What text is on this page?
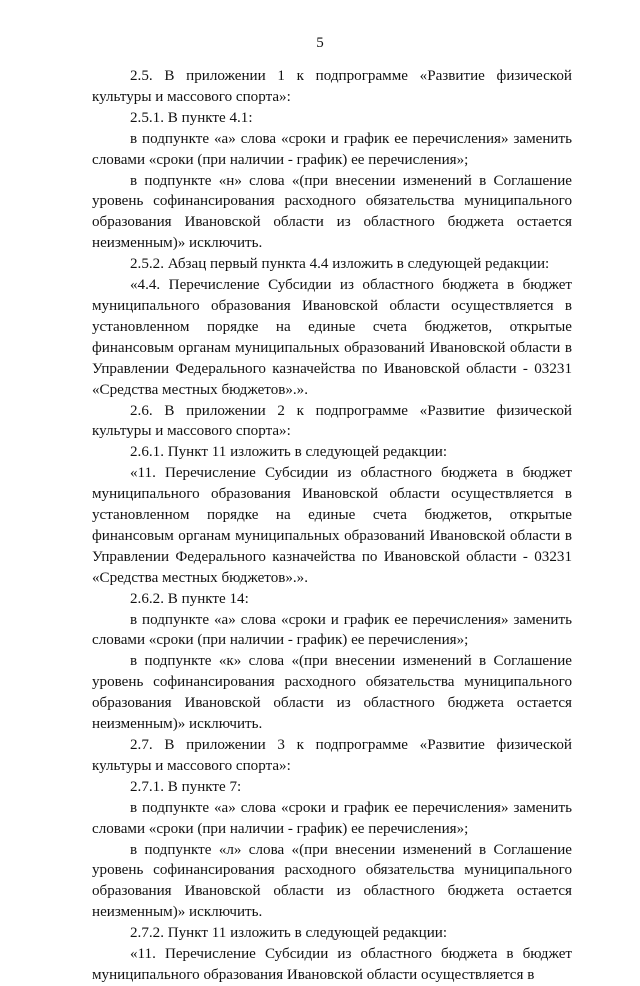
5

2.5. В приложении 1 к подпрограмме «Развитие физической культуры и массового спорта»:

2.5.1. В пункте 4.1:

в подпункте «а» слова «сроки и график ее перечисления» заменить словами «сроки (при наличии - график) ее перечисления»;

в подпункте «н» слова «(при внесении изменений в Соглашение уровень софинансирования расходного обязательства муниципального образования Ивановской области из областного бюджета остается неизменным)» исключить.

2.5.2. Абзац первый пункта 4.4 изложить в следующей редакции:

«4.4. Перечисление Субсидии из областного бюджета в бюджет муниципального образования Ивановской области осуществляется в установленном порядке на единые счета бюджетов, открытые финансовым органам муниципальных образований Ивановской области в Управлении Федерального казначейства по Ивановской области - 03231 «Средства местных бюджетов».».

2.6. В приложении 2 к подпрограмме «Развитие физической культуры и массового спорта»:

2.6.1. Пункт 11 изложить в следующей редакции:

«11. Перечисление Субсидии из областного бюджета в бюджет муниципального образования Ивановской области осуществляется в установленном порядке на единые счета бюджетов, открытые финансовым органам муниципальных образований Ивановской области в Управлении Федерального казначейства по Ивановской области - 03231 «Средства местных бюджетов».».

2.6.2. В пункте 14:

в подпункте «а» слова «сроки и график ее перечисления» заменить словами «сроки (при наличии - график) ее перечисления»;

в подпункте «к» слова «(при внесении изменений в Соглашение уровень софинансирования расходного обязательства муниципального образования Ивановской области из областного бюджета остается неизменным)» исключить.

2.7. В приложении 3 к подпрограмме «Развитие физической культуры и массового спорта»:

2.7.1. В пункте 7:

в подпункте «а» слова «сроки и график ее перечисления» заменить словами «сроки (при наличии - график) ее перечисления»;

в подпункте «л» слова «(при внесении изменений в Соглашение уровень софинансирования расходного обязательства муниципального образования Ивановской области из областного бюджета остается неизменным)» исключить.

2.7.2. Пункт 11 изложить в следующей редакции:

«11. Перечисление Субсидии из областного бюджета в бюджет муниципального образования Ивановской области осуществляется в
